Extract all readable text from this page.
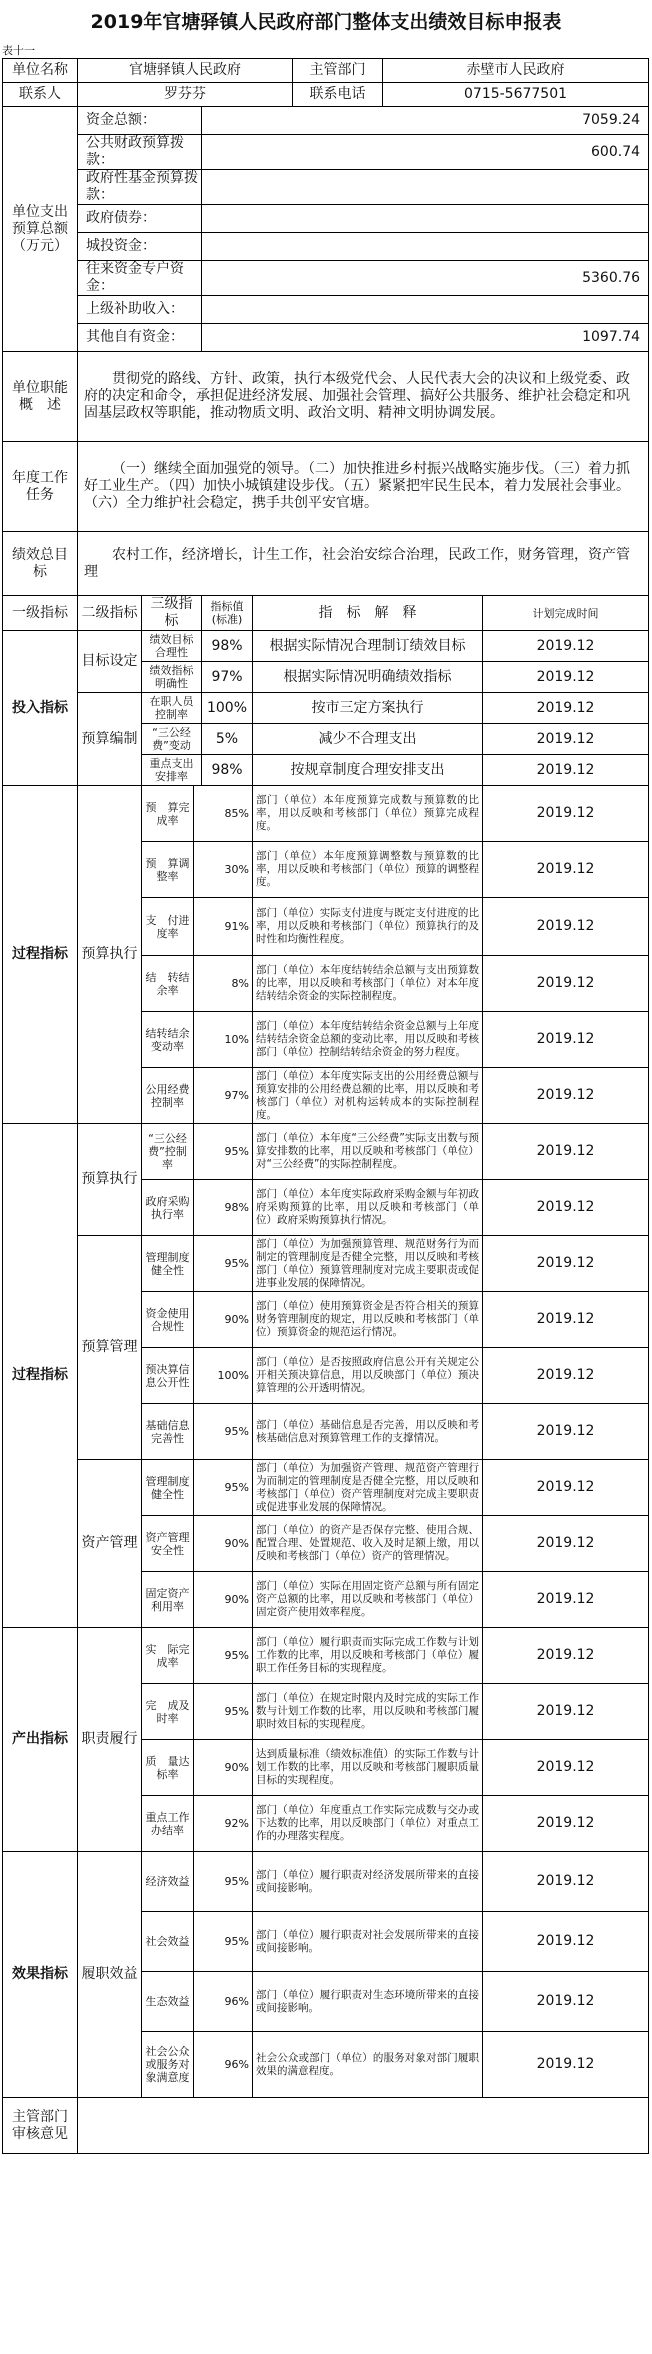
2019年官塘驿镇人民政府部门整体支出绩效目标申报表
表十一
单位名称	官塘驿镇人民政府					主管部门	赤壁市人民政府	
联系人	罗芬芬					联系电话	0715-5677501	
单位支出预算总额（万元）	资金总额：			7059.24				
	公共财政预算拨款：			600.74				
	政府性基金预算拨款：							
	政府债券：							
	城投资金：							
	往来资金专户资金：			5360.76				
	上级补助收入：							
	其他自有资金：			1097.74				
单位职能概　述	贯彻党的路线、方针、政策，执行本级党代会、人民代表大会的决议和上级党委、政府的决定和命令，承担促进经济发展、加强社会管理、搞好公共服务、维护社会稳定和巩固基层政权等职能，推动物质文明、政治文明、精神文明协调发展。							
年度工作任务	（一）继续全面加强党的领导。（二）加快推进乡村振兴战略实施步伐。（三）着力抓好工业生产。（四）加快小城镇建设步伐。（五）紧紧把牢民生民本，着力发展社会事业。（六）全力维护社会稳定，携手共创平安官塘。							
绩效总目标	农村工作，经济增长，计生工作，社会治安综合治理，民政工作，财务管理，资产管理							
一级指标	二级指标	三级指标		指标值(标准)	指　标　解　释			计划完成时间
投入指标	目标设定	绩效目标合理性		98%	根据实际情况合理制订绩效目标			2019.12
		绩效指标明确性		97%	根据实际情况明确绩效指标			2019.12
	预算编制	在职人员控制率		100%	按市三定方案执行			2019.12
		“三公经费”变动		5%	减少不合理支出			2019.12
		重点支出安排率		98%	按规章制度合理安排支出			2019.12
过程指标	预算执行	预　算完成率	85%		部门（单位）本年度预算完成数与预算数的比率，用以反映和考核部门（单位）预算完成程度。			2019.12
		预　算调整率	30%		部门（单位）本年度预算调整数与预算数的比率，用以反映和考核部门（单位）预算的调整程度。			2019.12
		支　付进度率	91%		部门（单位）实际支付进度与既定支付进度的比率，用以反映和考核部门（单位）预算执行的及时性和均衡性程度。			2019.12
		结　转结余率	8%		部门（单位）本年度结转结余总额与支出预算数的比率，用以反映和考核部门（单位）对本年度结转结余资金的实际控制程度。			2019.12
		结转结余变动率	10%		部门（单位）本年度结转结余资金总额与上年度结转结余资金总额的变动比率，用以反映和考核部门（单位）控制结转结余资金的努力程度。			2019.12
		公用经费控制率	97%		部门（单位）本年度实际支出的公用经费总额与预算安排的公用经费总额的比率，用以反映和考核部门（单位）对机构运转成本的实际控制程度。			2019.12
过程指标	预算执行	“三公经费”控制率	95%		部门（单位）本年度“三公经费”实际支出数与预算安排数的比率，用以反映和考核部门（单位）对“三公经费”的实际控制程度。			2019.12
		政府采购执行率	98%		部门（单位）本年度实际政府采购金额与年初政府采购预算的比率，用以反映和考核部门（单位）政府采购预算执行情况。			2019.12
	预算管理	管理制度健全性	95%		部门（单位）为加强预算管理、规范财务行为而制定的管理制度是否健全完整，用以反映和考核部门（单位）预算管理制度对完成主要职责或促进事业发展的保障情况。			2019.12
		资金使用合规性	90%		部门（单位）使用预算资金是否符合相关的预算财务管理制度的规定，用以反映和考核部门（单位）预算资金的规范运行情况。			2019.12
		预决算信息公开性	100%		部门（单位）是否按照政府信息公开有关规定公开相关预决算信息，用以反映部门（单位）预决算管理的公开透明情况。			2019.12
		基础信息完善性	95%		部门（单位）基础信息是否完善，用以反映和考核基础信息对预算管理工作的支撑情况。			2019.12
	资产管理	管理制度健全性	95%		部门（单位）为加强资产管理、规范资产管理行为而制定的管理制度是否健全完整，用以反映和考核部门（单位）资产管理制度对完成主要职责或促进事业发展的保障情况。			2019.12
		资产管理安全性	90%		部门（单位）的资产是否保存完整、使用合规、配置合理、处置规范、收入及时足额上缴，用以反映和考核部门（单位）资产的管理情况。			2019.12
		固定资产利用率	90%		部门（单位）实际在用固定资产总额与所有固定资产总额的比率，用以反映和考核部门（单位）固定资产使用效率程度。			2019.12
产出指标	职责履行	实　际完成率	95%		部门（单位）履行职责而实际完成工作数与计划工作数的比率，用以反映和考核部门（单位）履职工作任务目标的实现程度。			2019.12
		完　成及时率	95%		部门（单位）在规定时限内及时完成的实际工作数与计划工作数的比率，用以反映和考核部门履职时效目标的实现程度。			2019.12
		质　量达标率	90%		达到质量标准（绩效标准值）的实际工作数与计划工作数的比率，用以反映和考核部门履职质量目标的实现程度。			2019.12
		重点工作办结率	92%		部门（单位）年度重点工作实际完成数与交办或下达数的比率，用以反映部门（单位）对重点工作的办理落实程度。			2019.12
效果指标	履职效益	经济效益	95%		部门（单位）履行职责对经济发展所带来的直接或间接影响。			2019.12
		社会效益	95%		部门（单位）履行职责对社会发展所带来的直接或间接影响。			2019.12
		生态效益	96%		部门（单位）履行职责对生态环境所带来的直接或间接影响。			2019.12
		社会公众或服务对象满意度	96%		社会公众或部门（单位）的服务对象对部门履职效果的满意程度。			2019.12
主管部门审核意见								
